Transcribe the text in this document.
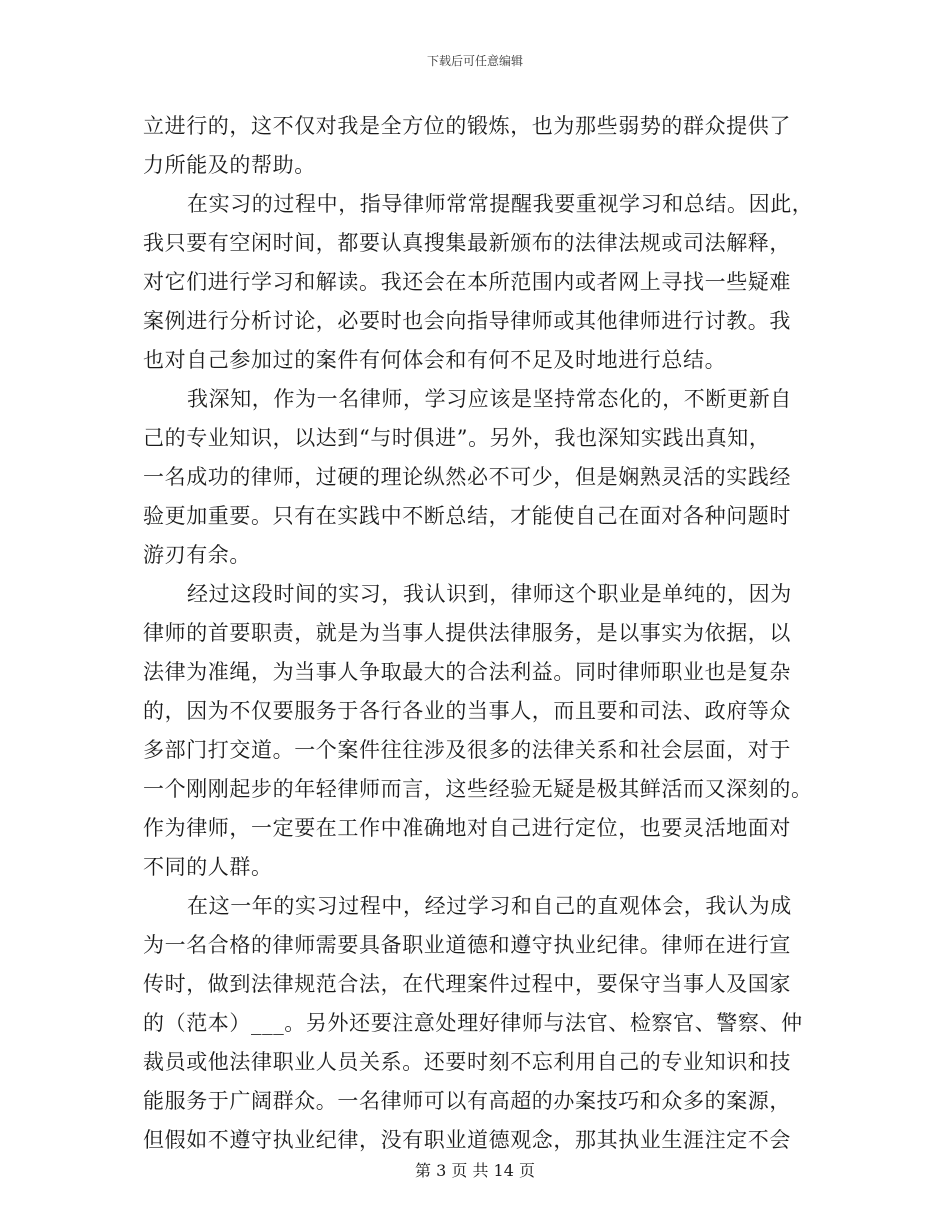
下载后可任意编辑
立进行的，这不仅对我是全方位的锻炼，也为那些弱势的群众提供了
力所能及的帮助。
在实习的过程中，指导律师常常提醒我要重视学习和总结。因此，
我只要有空闲时间，都要认真搜集最新颁布的法律法规或司法解释，
对它们进行学习和解读。我还会在本所范围内或者网上寻找一些疑难
案例进行分析讨论，必要时也会向指导律师或其他律师进行讨教。我
也对自己参加过的案件有何体会和有何不足及时地进行总结。
我深知，作为一名律师，学习应该是坚持常态化的，不断更新自
己的专业知识，以达到“与时俱进”。另外，我也深知实践出真知，
一名成功的律师，过硬的理论纵然必不可少，但是娴熟灵活的实践经
验更加重要。只有在实践中不断总结，才能使自己在面对各种问题时
游刃有余。
经过这段时间的实习，我认识到，律师这个职业是单纯的，因为
律师的首要职责，就是为当事人提供法律服务，是以事实为依据，以
法律为准绳，为当事人争取最大的合法利益。同时律师职业也是复杂
的，因为不仅要服务于各行各业的当事人，而且要和司法、政府等众
多部门打交道。一个案件往往涉及很多的法律关系和社会层面，对于
一个刚刚起步的年轻律师而言，这些经验无疑是极其鲜活而又深刻的。
作为律师，一定要在工作中准确地对自己进行定位，也要灵活地面对
不同的人群。
在这一年的实习过程中，经过学习和自己的直观体会，我认为成
为一名合格的律师需要具备职业道德和遵守执业纪律。律师在进行宣
传时，做到法律规范合法，在代理案件过程中，要保守当事人及国家
的（范本）___。另外还要注意处理好律师与法官、检察官、警察、仲
裁员或他法律职业人员关系。还要时刻不忘利用自己的专业知识和技
能服务于广阔群众。一名律师可以有高超的办案技巧和众多的案源，
但假如不遵守执业纪律，没有职业道德观念，那其执业生涯注定不会
第 3 页 共 14 页
